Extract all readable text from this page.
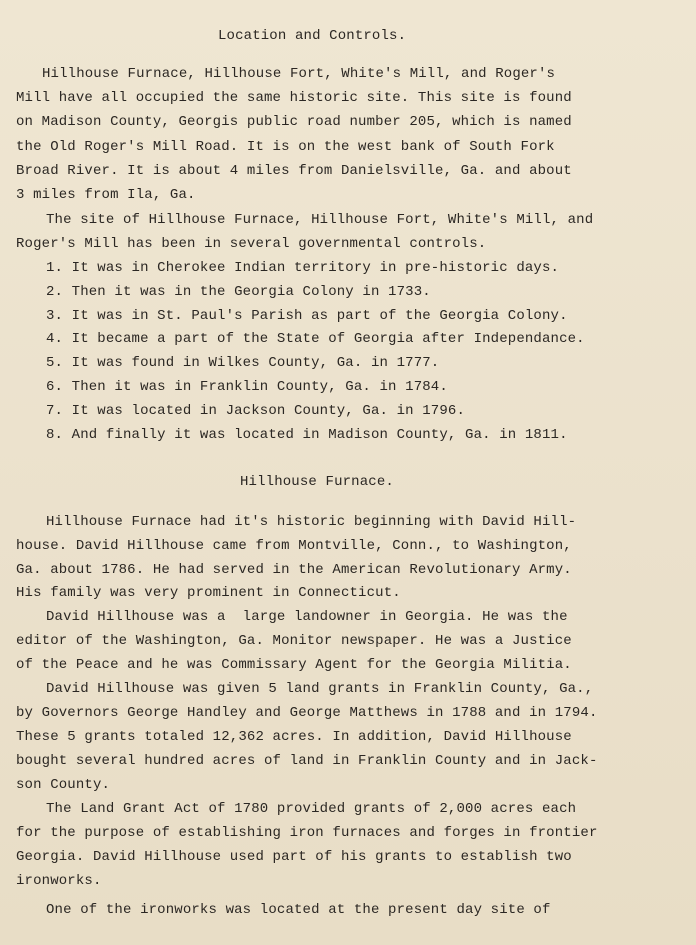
Location and Controls.
Hillhouse Furnace, Hillhouse Fort, White's Mill, and Roger's
Mill have all occupied the same historic site. This site is found
on Madison County, Georgis public road number 205, which is named
the Old Roger's Mill Road. It is on the west bank of South Fork
Broad River. It is about 4 miles from Danielsville, Ga. and about
3 miles from Ila, Ga.
The site of Hillhouse Furnace, Hillhouse Fort, White's Mill, and
Roger's Mill has been in several governmental controls.
1. It was in Cherokee Indian territory in pre-historic days.
2. Then it was in the Georgia Colony in 1733.
3. It was in St. Paul's Parish as part of the Georgia Colony.
4. It became a part of the State of Georgia after Independance.
5. It was found in Wilkes County, Ga. in 1777.
6. Then it was in Franklin County, Ga. in 1784.
7. It was located in Jackson County, Ga. in 1796.
8. And finally it was located in Madison County, Ga. in 1811.
Hillhouse Furnace.
Hillhouse Furnace had it's historic beginning with David Hill-
house. David Hillhouse came from Montville, Conn., to Washington,
Ga. about 1786. He had served in the American Revolutionary Army.
His family was very prominent in Connecticut.
David Hillhouse was a  large landowner in Georgia. He was the
editor of the Washington, Ga. Monitor newspaper. He was a Justice
of the Peace and he was Commissary Agent for the Georgia Militia.
David Hillhouse was given 5 land grants in Franklin County, Ga.,
by Governors George Handley and George Matthews in 1788 and in 1794.
These 5 grants totaled 12,362 acres. In addition, David Hillhouse
bought several hundred acres of land in Franklin County and in Jack-
son County.
The Land Grant Act of 1780 provided grants of 2,000 acres each
for the purpose of establishing iron furnaces and forges in frontier
Georgia. David Hillhouse used part of his grants to establish two
ironworks.
One of the ironworks was located at the present day site of
